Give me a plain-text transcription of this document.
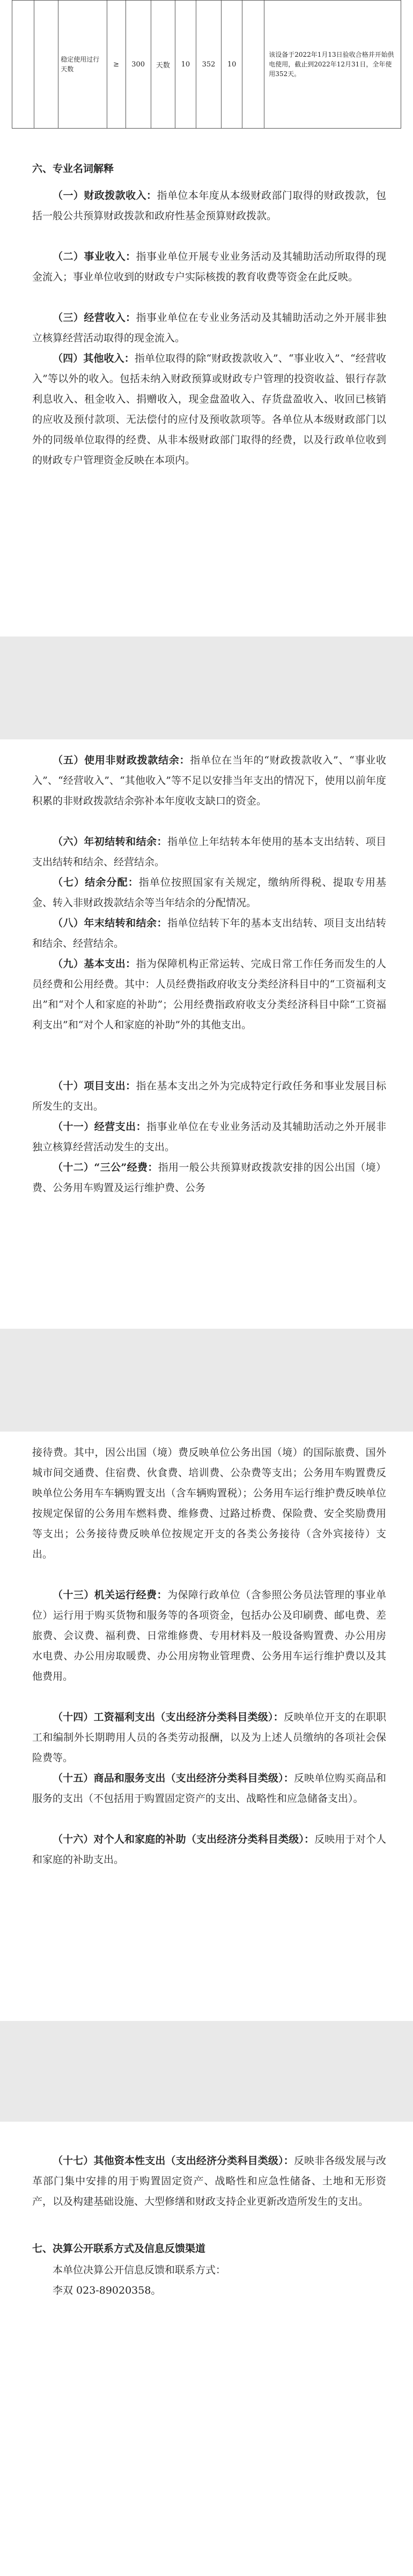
		稳定使用过行天数	≥	300	天数	10	352	10		该设备于2022年1月13日验收合格并开始供电使用，截止到2022年12月31日，全年使用352天。
六、专业名词解释

（一）财政拨款收入：指单位本年度从本级财政部门取得的财政拨款，包括一般公共预算财政拨款和政府性基金预算财政拨款。

（二）事业收入：指事业单位开展专业业务活动及其辅助活动所取得的现金流入；事业单位收到的财政专户实际核拨的教育收费等资金在此反映。

（三）经营收入：指事业单位在专业业务活动及其辅助活动之外开展非独立核算经营活动取得的现金流入。

（四）其他收入：指单位取得的除“财政拨款收入”、“事业收入”、“经营收入”等以外的收入。包括未纳入财政预算或财政专户管理的投资收益、银行存款利息收入、租金收入、捐赠收入，现金盘盈收入、存货盘盈收入、收回已核销的应收及预付款项、无法偿付的应付及预收款项等。各单位从本级财政部门以外的同级单位取得的经费、从非本级财政部门取得的经费，以及行政单位收到的财政专户管理资金反映在本项内。

（五）使用非财政拨款结余：指单位在当年的“财政拨款收入”、“事业收入”、“经营收入”、“其他收入”等不足以安排当年支出的情况下，使用以前年度积累的非财政拨款结余弥补本年度收支缺口的资金。

（六）年初结转和结余：指单位上年结转本年使用的基本支出结转、项目支出结转和结余、经营结余。

（七）结余分配：指单位按照国家有关规定，缴纳所得税、提取专用基金、转入非财政拨款结余等当年结余的分配情况。

（八）年末结转和结余：指单位结转下年的基本支出结转、项目支出结转和结余、经营结余。

（九）基本支出：指为保障机构正常运转、完成日常工作任务而发生的人员经费和公用经费。其中：人员经费指政府收支分类经济科目中的“工资福利支出”和“对个人和家庭的补助”；公用经费指政府收支分类经济科目中除“工资福利支出”和“对个人和家庭的补助”外的其他支出。

（十）项目支出：指在基本支出之外为完成特定行政任务和事业发展目标所发生的支出。

（十一）经营支出：指事业单位在专业业务活动及其辅助活动之外开展非独立核算经营活动发生的支出。

（十二）“三公”经费：指用一般公共预算财政拨款安排的因公出国（境）费、公务用车购置及运行维护费、公务

接待费。其中，因公出国（境）费反映单位公务出国（境）的国际旅费、国外城市间交通费、住宿费、伙食费、培训费、公杂费等支出；公务用车购置费反映单位公务用车车辆购置支出（含车辆购置税）；公务用车运行维护费反映单位按规定保留的公务用车燃料费、维修费、过路过桥费、保险费、安全奖励费用等支出；公务接待费反映单位按规定开支的各类公务接待（含外宾接待）支出。

（十三）机关运行经费：为保障行政单位（含参照公务员法管理的事业单位）运行用于购买货物和服务等的各项资金，包括办公及印刷费、邮电费、差旅费、会议费、福利费、日常维修费、专用材料及一般设备购置费、办公用房水电费、办公用房取暖费、办公用房物业管理费、公务用车运行维护费以及其他费用。

（十四）工资福利支出（支出经济分类科目类级）：反映单位开支的在职职工和编制外长期聘用人员的各类劳动报酬，以及为上述人员缴纳的各项社会保险费等。

（十五）商品和服务支出（支出经济分类科目类级）：反映单位购买商品和服务的支出（不包括用于购置固定资产的支出、战略性和应急储备支出）。

（十六）对个人和家庭的补助（支出经济分类科目类级）：反映用于对个人和家庭的补助支出。

（十七）其他资本性支出（支出经济分类科目类级）：反映非各级发展与改革部门集中安排的用于购置固定资产、战略性和应急性储备、土地和无形资产，以及构建基础设施、大型修缮和财政支持企业更新改造所发生的支出。

七、决算公开联系方式及信息反馈渠道

本单位决算公开信息反馈和联系方式：

李双 023-89020358。
